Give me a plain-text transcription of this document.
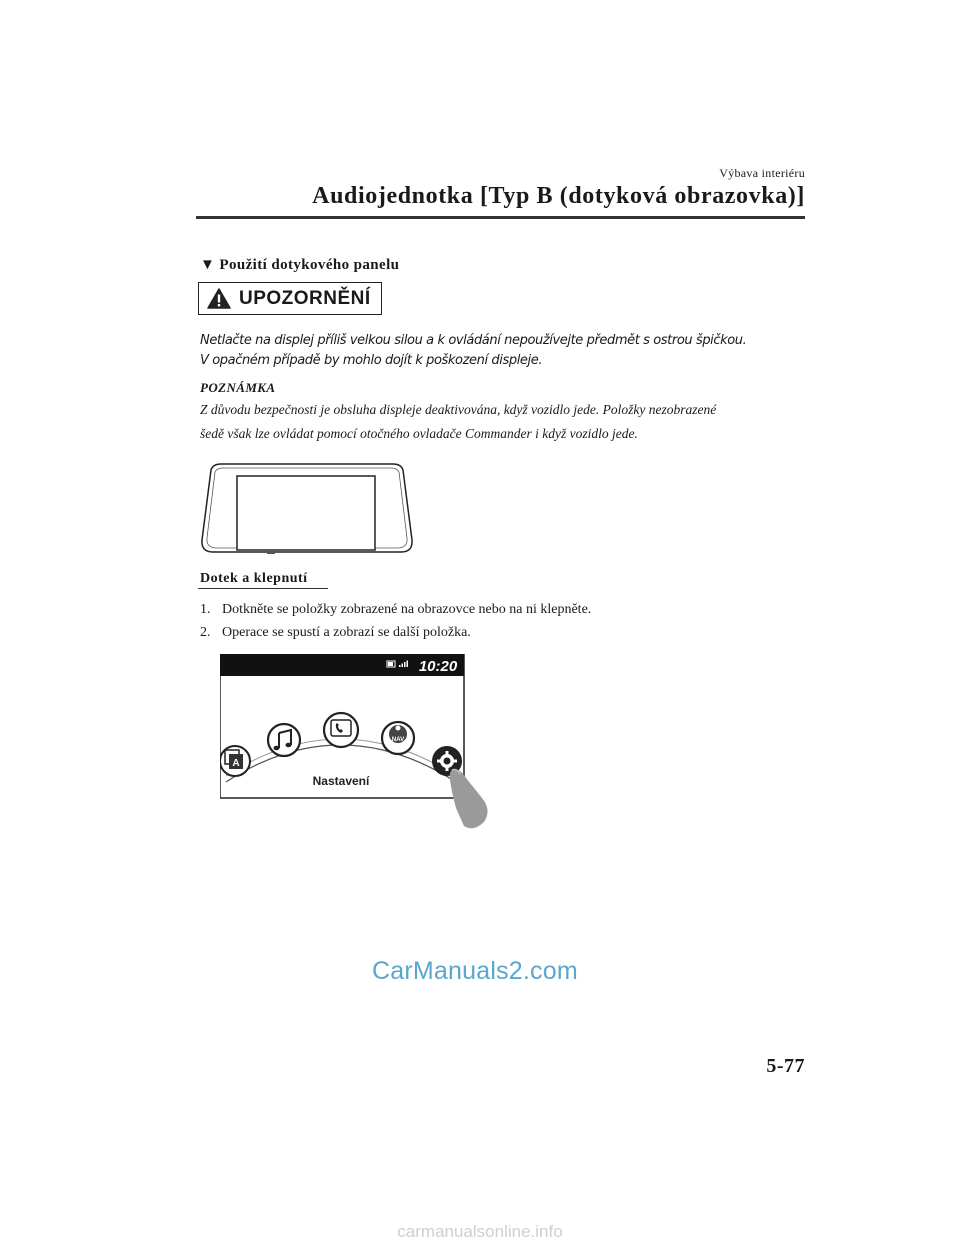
Výbava interiéru
Audiojednotka [Typ B (dotyková obrazovka)]
▼ Použití dotykového panelu
UPOZORNĚNÍ
Netlačte na displej příliš velkou silou a k ovládání nepoužívejte předmět s ostrou špičkou.
V opačném případě by mohlo dojít k poškození displeje.
POZNÁMKA
Z důvodu bezpečnosti je obsluha displeje deaktivována, když vozidlo jede. Položky nezobrazené
šedě však lze ovládat pomocí otočného ovladače Commander i když vozidlo jede.
Dotek a klepnutí
1. Dotkněte se položky zobrazené na obrazovce nebo na ni klepněte.
2. Operace se spustí a zobrazí se další položka.
10:20
A
NAV
Nastavení
CarManuals2.com
5-77
carmanualsonline.info
